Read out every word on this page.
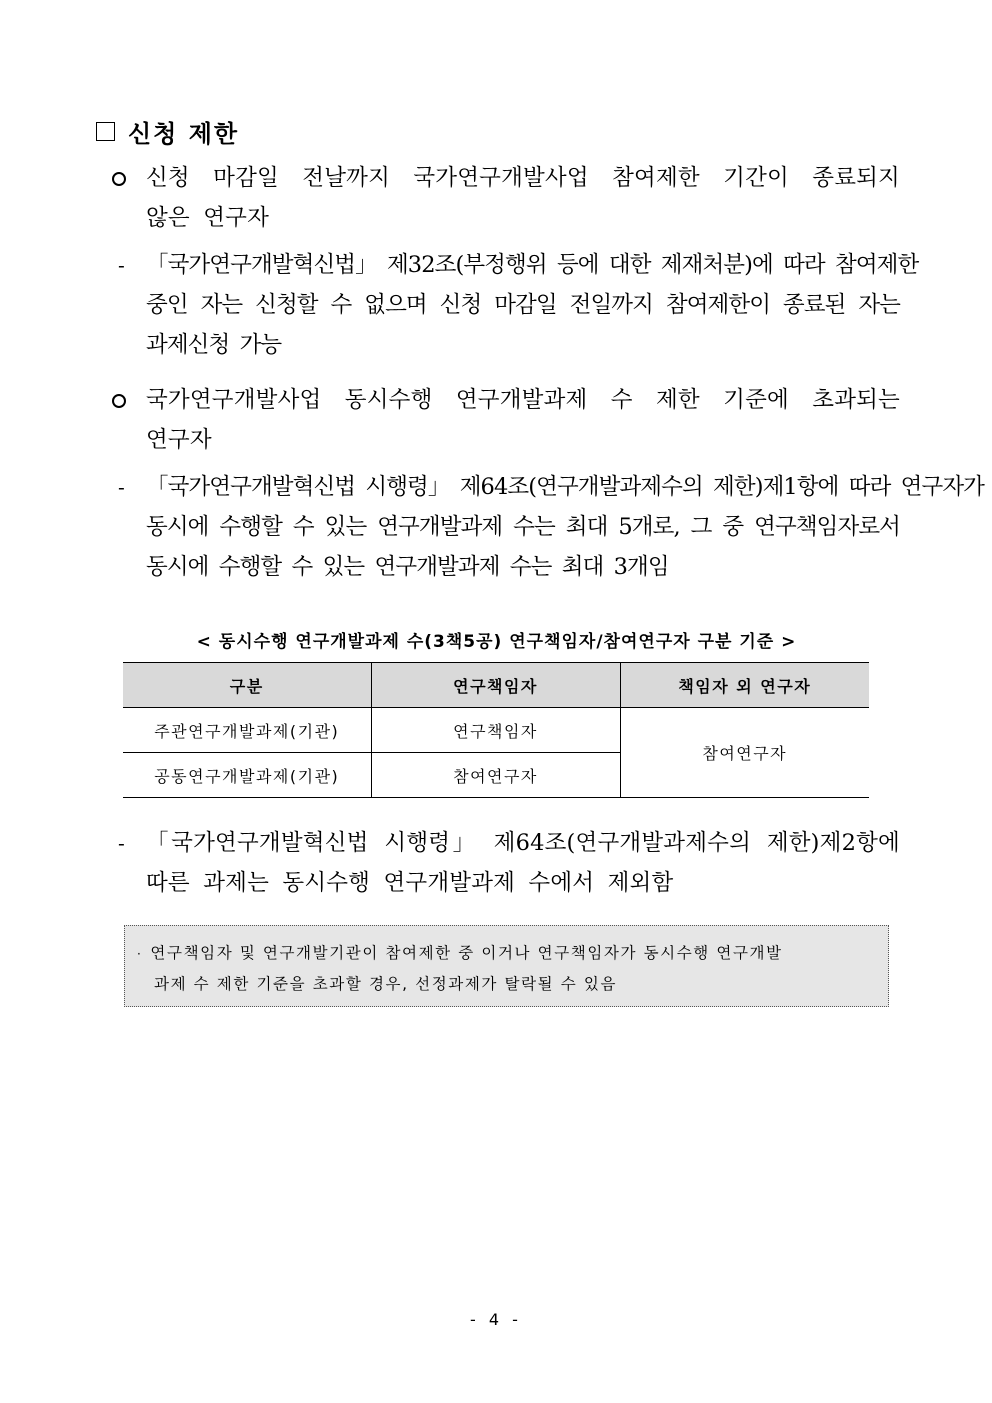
신청 제한
신청 마감일 전날까지 국가연구개발사업 참여제한 기간이 종료되지
않은 연구자
- 「국가연구개발혁신법」 제32조(부정행위 등에 대한 제재처분)에 따라 참여제한
중인 자는 신청할 수 없으며 신청 마감일 전일까지 참여제한이 종료된 자는
과제신청 가능
국가연구개발사업 동시수행 연구개발과제 수 제한 기준에 초과되는
연구자
- 「국가연구개발혁신법 시행령」 제64조(연구개발과제수의 제한)제1항에 따라 연구자가
동시에 수행할 수 있는 연구개발과제 수는 최대 5개로, 그 중 연구책임자로서
동시에 수행할 수 있는 연구개발과제 수는 최대 3개임
< 동시수행 연구개발과제 수(3책5공) 연구책임자/참여연구자 구분 기준 >
구분	연구책임자	책임자 외 연구자
주관연구개발과제(기관)	연구책임자	참여연구자
공동연구개발과제(기관)	참여연구자	
- 「국가연구개발혁신법 시행령」 제64조(연구개발과제수의 제한)제2항에
따른 과제는 동시수행 연구개발과제 수에서 제외함
· 연구책임자 및 연구개발기관이 참여제한 중 이거나 연구책임자가 동시수행 연구개발
과제 수 제한 기준을 초과할 경우, 선정과제가 탈락될 수 있음
- 4 -
